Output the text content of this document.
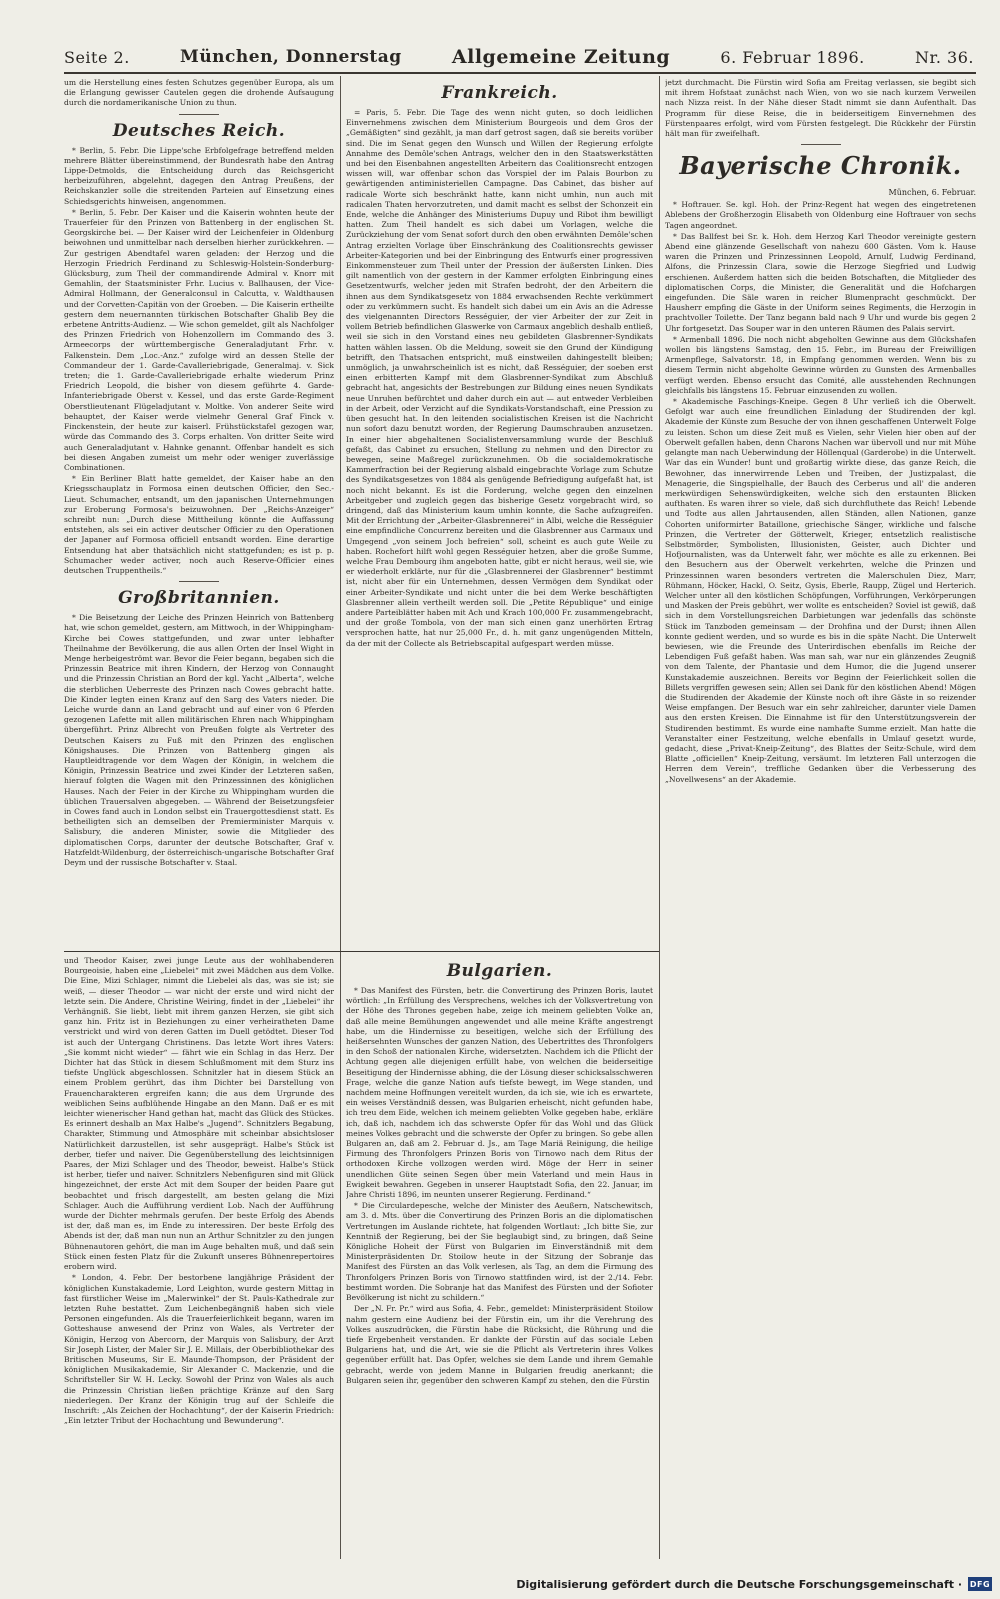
Seite 2.	München, Donnerstag	Allgemeine Zeitung	6. Februar 1896.	Nr. 36.

um die Herstellung eines festen Schutzes gegenüber Europa, als um die Erlangung gewisser Cautelen gegen die drohende Aufsaugung durch die nordamerikanische Union zu thun.

Deutsches Reich.

* Berlin, 5. Febr. Die Lippe'sche Erbfolgefrage betreffend melden mehrere Blätter übereinstimmend, der Bundesrath habe den Antrag Lippe-Detmolds, die Entscheidung durch das Reichsgericht herbeizuführen, abgelehnt, dagegen den Antrag Preußens, der Reichskanzler solle die streitenden Parteien auf Einsetzung eines Schiedsgerichts hinweisen, angenommen.

* Berlin, 5. Febr. Der Kaiser und die Kaiserin wohnten heute der Trauerfeier für den Prinzen von Battenberg in der englischen St. Georgskirche bei. — Der Kaiser wird der Leichenfeier in Oldenburg beiwohnen und unmittelbar nach derselben hierher zurückkehren. — Zur gestrigen Abendtafel waren geladen: der Herzog und die Herzogin Friedrich Ferdinand zu Schleswig-Holstein-Sonderburg-Glücksburg, zum Theil der commandirende Admiral v. Knorr mit Gemahlin, der Staatsminister Frhr. Lucius v. Ballhausen, der Vice-Admiral Hollmann, der Generalconsul in Calcutta, v. Waldthausen und der Corvetten-Capitän von der Groeben. — Die Kaiserin ertheilte gestern dem neuernannten türkischen Botschafter Ghalib Bey die erbetene Antritts-Audienz. — Wie schon gemeldet, gilt als Nachfolger des Prinzen Friedrich von Hohenzollern im Commando des 3. Armeecorps der württembergische Generaladjutant Frhr. v. Falkenstein. Dem „Loc.-Anz.“ zufolge wird an dessen Stelle der Commandeur der 1. Garde-Cavalleriebrigade, Generalmaj. v. Sick treten; die 1. Garde-Cavalleriebrigade erhalte wiederum Prinz Friedrich Leopold, die bisher von diesem geführte 4. Garde-Infanteriebrigade Oberst v. Kessel, und das erste Garde-Regiment Oberstlieutenant Flügeladjutant v. Moltke. Von anderer Seite wird behauptet, der Kaiser werde vielmehr General Graf Finck v. Finckenstein, der heute zur kaiserl. Frühstückstafel gezogen war, würde das Commando des 3. Corps erhalten. Von dritter Seite wird auch Generaladjutant v. Hahnke genannt. Offenbar handelt es sich bei diesen Angaben zumeist um mehr oder weniger zuverlässige Combinationen.

* Ein Berliner Blatt hatte gemeldet, der Kaiser habe an den Kriegsschauplatz in Formosa einen deutschen Officier, den Sec.-Lieut. Schumacher, entsandt, um den japanischen Unternehmungen zur Eroberung Formosa's beizuwohnen. Der „Reichs-Anzeiger“ schreibt nun: „Durch diese Mittheilung könnte die Auffassung entstehen, als sei ein activer deutscher Officier zu den Operationen der Japaner auf Formosa officiell entsandt worden. Eine derartige Entsendung hat aber thatsächlich nicht stattgefunden; es ist p. p. Schumacher weder activer, noch auch Reserve-Officier eines deutschen Truppentheils.“

Großbritannien.

* Die Beisetzung der Leiche des Prinzen Heinrich von Battenberg hat, wie schon gemeldet, gestern, am Mittwoch, in der Whippingham-Kirche bei Cowes stattgefunden, und zwar unter lebhafter Theilnahme der Bevölkerung, die aus allen Orten der Insel Wight in Menge herbeigeströmt war. Bevor die Feier begann, begaben sich die Prinzessin Beatrice mit ihren Kindern, der Herzog von Connaught und die Prinzessin Christian an Bord der kgl. Yacht „Alberta“, welche die sterblichen Ueberreste des Prinzen nach Cowes gebracht hatte. Die Kinder legten einen Kranz auf den Sarg des Vaters nieder. Die Leiche wurde dann an Land gebracht und auf einer von 6 Pferden gezogenen Lafette mit allen militärischen Ehren nach Whippingham übergeführt. Prinz Albrecht von Preußen folgte als Vertreter des Deutschen Kaisers zu Fuß mit den Prinzen des englischen Königshauses. Die Prinzen von Battenberg gingen als Hauptleidtragende vor dem Wagen der Königin, in welchem die Königin, Prinzessin Beatrice und zwei Kinder der Letzteren saßen, hierauf folgten die Wagen mit den Prinzessinnen des königlichen Hauses. Nach der Feier in der Kirche zu Whippingham wurden die üblichen Trauersalven abgegeben. — Während der Beisetzungsfeier in Cowes fand auch in London selbst ein Trauergottesdienst statt. Es betheiligten sich an demselben der Premierminister Marquis v. Salisbury, die anderen Minister, sowie die Mitglieder des diplomatischen Corps, darunter der deutsche Botschafter, Graf v. Hatzfeldt-Wildenburg, der österreichisch-ungarische Botschafter Graf Deym und der russische Botschafter v. Staal.

und Theodor Kaiser, zwei junge Leute aus der wohlhabenderen Bourgeoisie, haben eine „Liebelei“ mit zwei Mädchen aus dem Volke. Die Eine, Mizi Schlager, nimmt die Liebelei als das, was sie ist; sie weiß, — dieser Theodor — war nicht der erste und wird nicht der letzte sein. Die Andere, Christine Weiring, findet in der „Liebelei“ ihr Verhängniß. Sie liebt, liebt mit ihrem ganzen Herzen, sie gibt sich ganz hin. Fritz ist in Beziehungen zu einer verheiratheten Dame verstrickt und wird von deren Gatten im Duell getödtet. Dieser Tod ist auch der Untergang Christinens. Das letzte Wort ihres Vaters: „Sie kommt nicht wieder“ — fährt wie ein Schlag in das Herz. Der Dichter hat das Stück in diesem Schlußmoment mit dem Sturz ins tiefste Unglück abgeschlossen. Schnitzler hat in diesem Stück an einem Problem gerührt, das ihm Dichter bei Darstellung von Frauencharakteren ergreifen kann; die aus dem Urgrunde des weiblichen Seins aufblühende Hingabe an den Mann. Daß er es mit leichter wienerischer Hand gethan hat, macht das Glück des Stückes. Es erinnert deshalb an Max Halbe's „Jugend“. Schnitzlers Begabung, Charakter, Stimmung und Atmosphäre mit scheinbar absichtsloser Natürlichkeit darzustellen, ist sehr ausgeprägt. Halbe's Stück ist derber, tiefer und naiver. Die Gegenüberstellung des leichtsinnigen Paares, der Mizi Schlager und des Theodor, beweist. Halbe's Stück ist herber, tiefer und naiver. Schnitzlers Nebenfiguren sind mit Glück hingezeichnet, der erste Act mit dem Souper der beiden Paare gut beobachtet und frisch dargestellt, am besten gelang die Mizi Schlager. Auch die Aufführung verdient Lob. Nach der Aufführung wurde der Dichter mehrmals gerufen. Der beste Erfolg des Abends ist der, daß man es, im Ende zu interessiren. Der beste Erfolg des Abends ist der, daß man nun nun an Arthur Schnitzler zu den jungen Bühnenautoren gehört, die man im Auge behalten muß, und daß sein Stück einen festen Platz für die Zukunft unseres Bühnenrepertoires erobern wird.

* London, 4. Febr. Der bestorbene langjährige Präsident der königlichen Kunstakademie, Lord Leighton, wurde gestern Mittag in fast fürstlicher Weise im „Malerwinkel“ der St. Pauls-Kathedrale zur letzten Ruhe bestattet. Zum Leichenbegängniß haben sich viele Personen eingefunden. Als die Trauerfeierlichkeit begann, waren im Gotteshause anwesend der Prinz von Wales, als Vertreter der Königin, Herzog von Abercorn, der Marquis von Salisbury, der Arzt Sir Joseph Lister, der Maler Sir J. E. Millais, der Oberbibliothekar des Britischen Museums, Sir E. Maunde-Thompson, der Präsident der königlichen Musikakademie, Sir Alexander C. Mackenzie, und die Schriftsteller Sir W. H. Lecky. Sowohl der Prinz von Wales als auch die Prinzessin Christian ließen prächtige Kränze auf den Sarg niederlegen. Der Kranz der Königin trug auf der Schleife die Inschrift: „Als Zeichen der Hochachtung“, der der Kaiserin Friedrich: „Ein letzter Tribut der Hochachtung und Bewunderung“.

Frankreich.

= Paris, 5. Febr. Die Tage des wenn nicht guten, so doch leidlichen Einvernehmens zwischen dem Ministerium Bourgeois und dem Gros der „Gemäßigten“ sind gezählt, ja man darf getrost sagen, daß sie bereits vorüber sind. Die im Senat gegen den Wunsch und Willen der Regierung erfolgte Annahme des Demôle'schen Antrags, welcher den in den Staatswerkstätten und bei den Eisenbahnen angestellten Arbeitern das Coalitionsrecht entzogen wissen will, war offenbar schon das Vorspiel der im Palais Bourbon zu gewärtigenden antiministeriellen Campagne. Das Cabinet, das bisher auf radicale Worte sich beschränkt hatte, kann nicht umhin, nun auch mit radicalen Thaten hervorzutreten, und damit macht es selbst der Schonzeit ein Ende, welche die Anhänger des Ministeriums Dupuy und Ribot ihm bewilligt hatten. Zum Theil handelt es sich dabei um Vorlagen, welche die Zurückziehung der vom Senat sofort durch den oben erwähnten Demôle'schen Antrag erzielten Vorlage über Einschränkung des Coalitionsrechts gewisser Arbeiter-Kategorien und bei der Einbringung des Entwurfs einer progressiven Einkommensteuer zum Theil unter der Pression der äußersten Linken. Dies gilt namentlich von der gestern in der Kammer erfolgten Einbringung eines Gesetzentwurfs, welcher jeden mit Strafen bedroht, der den Arbeitern die ihnen aus dem Syndikatsgesetz von 1884 erwachsenden Rechte verkümmert oder zu verkümmern sucht. Es handelt sich dabei um ein Avis an die Adresse des vielgenannten Directors Rességuier, der vier Arbeiter der zur Zeit in vollem Betrieb befindlichen Glaswerke von Carmaux angeblich deshalb entließ, weil sie sich in den Vorstand eines neu gebildeten Glasbrenner-Syndikats hatten wählen lassen. Ob die Meldung, soweit sie den Grund der Kündigung betrifft, den Thatsachen entspricht, muß einstweilen dahingestellt bleiben; unmöglich, ja unwahrscheinlich ist es nicht, daß Rességuier, der soeben erst einen erbitterten Kampf mit dem Glasbrenner-Syndikat zum Abschluß gebracht hat, angesichts der Bestrebungen zur Bildung eines neuen Syndikats neue Unruhen befürchtet und daher durch ein aut — aut entweder Verbleiben in der Arbeit, oder Verzicht auf die Syndikats-Vorstandschaft, eine Pression zu üben gesucht hat. In den leitenden socialistischen Kreisen ist die Nachricht nun sofort dazu benutzt worden, der Regierung Daumschrauben anzusetzen. In einer hier abgehaltenen Socialistenversammlung wurde der Beschluß gefaßt, das Cabinet zu ersuchen, Stellung zu nehmen und den Director zu bewegen, seine Maßregel zurückzunehmen. Ob die socialdemokratische Kammerfraction bei der Regierung alsbald eingebrachte Vorlage zum Schutze des Syndikatsgesetzes von 1884 als genügende Befriedigung aufgefaßt hat, ist noch nicht bekannt. Es ist die Forderung, welche gegen den einzelnen Arbeitgeber und zugleich gegen das bisherige Gesetz vorgebracht wird, so dringend, daß das Ministerium kaum umhin konnte, die Sache aufzugreifen. Mit der Errichtung der „Arbeiter-Glasbrennerei“ in Albi, welche die Rességuier eine empfindliche Concurrenz bereiten und die Glasbrenner aus Carmaux und Umgegend „von seinem Joch befreien“ soll, scheint es auch gute Weile zu haben. Rochefort hilft wohl gegen Rességuier hetzen, aber die große Summe, welche Frau Dembourg ihm angeboten hatte, gibt er nicht heraus, weil sie, wie er wiederholt erklärte, nur für die „Glasbrennerei der Glasbrenner“ bestimmt ist, nicht aber für ein Unternehmen, dessen Vermögen dem Syndikat oder einer Arbeiter-Syndikate und nicht unter die bei dem Werke beschäftigten Glasbrenner allein vertheilt werden soll. Die „Petite République“ und einige andere Parteiblätter haben mit Ach und Krach 100,000 Fr. zusammengebracht, und der große Tombola, von der man sich einen ganz unerhörten Ertrag versprochen hatte, hat nur 25,000 Fr., d. h. mit ganz ungenügenden Mitteln, da der mit der Collecte als Betriebscapital aufgespart werden müsse.

Bulgarien.

* Das Manifest des Fürsten, betr. die Convertirung des Prinzen Boris, lautet wörtlich: „In Erfüllung des Versprechens, welches ich der Volksvertretung von der Höhe des Thrones gegeben habe, zeige ich meinem geliebten Volke an, daß alle meine Bemühungen angewendet und alle meine Kräfte angestrengt habe, um die Hindernisse zu beseitigen, welche sich der Erfüllung des heißersehnten Wunsches der ganzen Nation, des Uebertrittes des Thronfolgers in den Schoß der nationalen Kirche, widersetzten. Nachdem ich die Pflicht der Achtung gegen alle diejenigen erfüllt habe, von welchen die beiderseitige Beseitigung der Hindernisse abhing, die der Lösung dieser schicksalsschweren Frage, welche die ganze Nation aufs tiefste bewegt, im Wege standen, und nachdem meine Hoffnungen vereitelt wurden, da ich sie, wie ich es erwartete, ein weises Verständniß dessen, was Bulgarien erheischt, nicht gefunden habe, ich treu dem Eide, welchen ich meinem geliebten Volke gegeben habe, erkläre ich, daß ich, nachdem ich das schwerste Opfer für das Wohl und das Glück meines Volkes gebracht und die schwerste der Opfer zu bringen. So gebe allen Bulgaren an, daß am 2. Februar d. Js., am Tage Mariä Reinigung, die heilige Firmung des Thronfolgers Prinzen Boris von Tirnowo nach dem Ritus der orthodoxen Kirche vollzogen werden wird. Möge der Herr in seiner unendlichen Güte seinen Segen über mein Vaterland und mein Haus in Ewigkeit bewahren. Gegeben in unserer Hauptstadt Sofia, den 22. Januar, im Jahre Christi 1896, im neunten unserer Regierung. Ferdinand.“

* Die Circulardepesche, welche der Minister des Aeußern, Natschewitsch, am 3. d. Mts. über die Convertirung des Prinzen Boris an die diplomatischen Vertretungen im Auslande richtete, hat folgenden Wortlaut: „Ich bitte Sie, zur Kenntniß der Regierung, bei der Sie beglaubigt sind, zu bringen, daß Seine Königliche Hoheit der Fürst von Bulgarien im Einverständniß mit dem Ministerpräsidenten Dr. Stoilow heute in der Sitzung der Sobranje das Manifest des Fürsten an das Volk verlesen, als Tag, an dem die Firmung des Thronfolgers Prinzen Boris von Tirnowo stattfinden wird, ist der 2./14. Febr. bestimmt worden. Die Sobranje hat das Manifest des Fürsten und der Sofioter Bevölkerung ist nicht zu schildern.“

Der „N. Fr. Pr.“ wird aus Sofia, 4. Febr., gemeldet: Ministerpräsident Stoilow nahm gestern eine Audienz bei der Fürstin ein, um ihr die Verehrung des Volkes auszudrücken, die Fürstin habe die Rücksicht, die Rührung und die tiefe Ergebenheit verstanden. Er dankte der Fürstin auf das sociale Leben Bulgariens hat, und die Art, wie sie die Pflicht als Vertreterin ihres Volkes gegenüber erfüllt hat. Das Opfer, welches sie dem Lande und ihrem Gemahle gebracht, werde von jedem Manne in Bulgarien freudig anerkannt; die Bulgaren seien ihr, gegenüber den schweren Kampf zu stehen, den die Fürstin

jetzt durchmacht. Die Fürstin wird Sofia am Freitag verlassen, sie begibt sich mit ihrem Hofstaat zunächst nach Wien, von wo sie nach kurzem Verweilen nach Nizza reist. In der Nähe dieser Stadt nimmt sie dann Aufenthalt. Das Programm für diese Reise, die in beiderseitigem Einvernehmen des Fürstenpaares erfolgt, wird vom Fürsten festgelegt. Die Rückkehr der Fürstin hält man für zweifelhaft.

Bayerische Chronik.
München, 6. Februar.

* Hoftrauer. Se. kgl. Hoh. der Prinz-Regent hat wegen des eingetretenen Ablebens der Großherzogin Elisabeth von Oldenburg eine Hoftrauer von sechs Tagen angeordnet.

* Das Ballfest bei Sr. k. Hoh. dem Herzog Karl Theodor vereinigte gestern Abend eine glänzende Gesellschaft von nahezu 600 Gästen. Vom k. Hause waren die Prinzen und Prinzessinnen Leopold, Arnulf, Ludwig Ferdinand, Alfons, die Prinzessin Clara, sowie die Herzoge Siegfried und Ludwig erschienen. Außerdem hatten sich die beiden Botschaften, die Mitglieder des diplomatischen Corps, die Minister, die Generalität und die Hofchargen eingefunden. Die Säle waren in reicher Blumenpracht geschmückt. Der Hausherr empfing die Gäste in der Uniform seines Regiments, die Herzogin in prachtvoller Toilette. Der Tanz begann bald nach 9 Uhr und wurde bis gegen 2 Uhr fortgesetzt. Das Souper war in den unteren Räumen des Palais servirt.

* Armenball 1896. Die noch nicht abgeholten Gewinne aus dem Glückshafen wollen bis längstens Samstag, den 15. Febr., im Bureau der Freiwilligen Armenpflege, Salvatorstr. 18, in Empfang genommen werden. Wenn bis zu diesem Termin nicht abgeholte Gewinne würden zu Gunsten des Armenballes verfügt werden. Ebenso ersucht das Comité, alle ausstehenden Rechnungen gleichfalls bis längstens 15. Februar einzusenden zu wollen.

* Akademische Faschings-Kneipe. Gegen 8 Uhr verließ ich die Oberwelt. Gefolgt war auch eine freundlichen Einladung der Studirenden der kgl. Akademie der Künste zum Besuche der von ihnen geschaffenen Unterwelt Folge zu leisten. Schon um diese Zeit muß es Vielen, sehr Vielen hier oben auf der Oberwelt gefallen haben, denn Charons Nachen war übervoll und nur mit Mühe gelangte man nach Ueberwindung der Höllenqual (Garderobe) in die Unterwelt. War das ein Wunder! bunt und großartig wirkte diese, das ganze Reich, die Bewohner, das innerwirrende Leben und Treiben, der Justizpalast, die Menagerie, die Singspielhalle, der Bauch des Cerberus und all' die anderen merkwürdigen Sehenswürdigkeiten, welche sich den erstaunten Blicken aufthaten. Es waren ihrer so viele, daß sich durchfluthete das Reich! Lebende und Todte aus allen Jahrtausenden, allen Ständen, allen Nationen, ganze Cohorten uniformirter Bataillone, griechische Sänger, wirkliche und falsche Prinzen, die Vertreter der Götterwelt, Krieger, entsetzlich realistische Selbstmörder, Symbolisten, Illusionisten, Geister, auch Dichter und Hofjournalisten, was da Unterwelt fahr, wer möchte es alle zu erkennen. Bei den Besuchern aus der Oberwelt verkehrten, welche die Prinzen und Prinzessinnen waren besonders vertreten die Malerschulen Diez, Marr, Rühmann, Höcker, Hackl, O. Seitz, Gysis, Eberle, Raupp, Zügel und Herterich. Welcher unter all den köstlichen Schöpfungen, Vorführungen, Verkörperungen und Masken der Preis gebührt, wer wollte es entscheiden? Soviel ist gewiß, daß sich in dem Vorstellungsreichen Darbietungen war jedenfalls das schönste Stück im Tanzboden gemeinsam — der Drohfina und der Durst; ihnen Allen konnte gedient werden, und so wurde es bis in die späte Nacht. Die Unterwelt bewiesen, wie die Freunde des Unterirdischen ebenfalls im Reiche der Lebendigen Fuß gefaßt haben. Was man sah, war nur ein glänzendes Zeugniß von dem Talente, der Phantasie und dem Humor, die die Jugend unserer Kunstakademie auszeichnen. Bereits vor Beginn der Feierlichkeit sollen die Billets vergriffen gewesen sein; Allen sei Dank für den köstlichen Abend! Mögen die Studirenden der Akademie der Künste noch oft ihre Gäste in so reizender Weise empfangen. Der Besuch war ein sehr zahlreicher, darunter viele Damen aus den ersten Kreisen. Die Einnahme ist für den Unterstützungsverein der Studirenden bestimmt. Es wurde eine namhafte Summe erzielt. Man hatte die Veranstalter einer Festzeitung, welche ebenfalls in Umlauf gesetzt wurde, gedacht, diese „Privat-Kneip-Zeitung“, des Blattes der Seitz-Schule, wird dem Blatte „officiellen“ Kneip-Zeitung, versäumt. Im letzteren Fall unterzogen die Herren dem Verein“, treffliche Gedanken über die Verbesserung des „Novellwesens“ an der Akademie.

Digitalisierung gefördert durch die Deutsche Forschungsgemeinschaft · DFG
